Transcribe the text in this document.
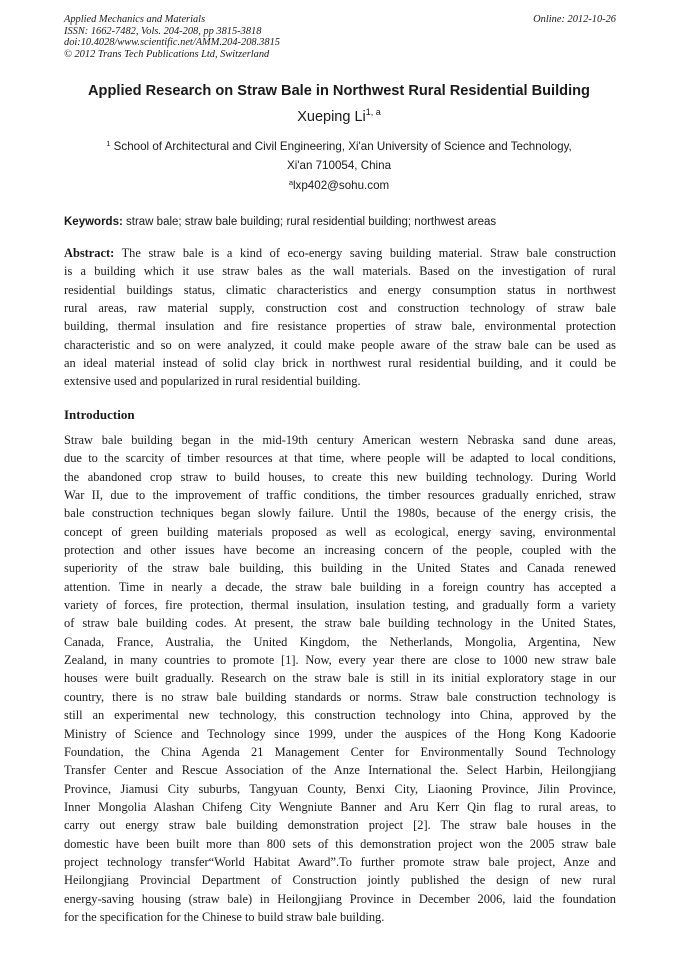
Applied Mechanics and Materials
ISSN: 1662-7482, Vols. 204-208, pp 3815-3818
doi:10.4028/www.scientific.net/AMM.204-208.3815
© 2012 Trans Tech Publications Ltd, Switzerland
Online: 2012-10-26
Applied Research on Straw Bale in Northwest Rural Residential Building
Xueping Li$^{1, a}$
$^1$ School of Architectural and Civil Engineering, Xi'an University of Science and Technology,
Xi'an 710054, China
$^a$lxp402@sohu.com
Keywords: straw bale; straw bale building; rural residential building; northwest areas
Abstract: The straw bale is a kind of eco-energy saving building material. Straw bale construction
is a building which it use straw bales as the wall materials. Based on the investigation of rural
residential buildings status, climatic characteristics and energy consumption status in northwest
rural areas, raw material supply, construction cost and construction technology of straw bale
building, thermal insulation and fire resistance properties of straw bale, environmental protection
characteristic and so on were analyzed, it could make people aware of the straw bale can be used as
an ideal material instead of solid clay brick in northwest rural residential building, and it could be
extensive used and popularized in rural residential building.
Introduction
Straw bale building began in the mid-19th century American western Nebraska sand dune areas,
due to the scarcity of timber resources at that time, where people will be adapted to local conditions,
the abandoned crop straw to build houses, to create this new building technology. During World
War II, due to the improvement of traffic conditions, the timber resources gradually enriched, straw
bale construction techniques began slowly failure. Until the 1980s, because of the energy crisis, the
concept of green building materials proposed as well as ecological, energy saving, environmental
protection and other issues have become an increasing concern of the people, coupled with the
superiority of the straw bale building, this building in the United States and Canada renewed
attention. Time in nearly a decade, the straw bale building in a foreign country has accepted a
variety of forces, fire protection, thermal insulation, insulation testing, and gradually form a variety
of straw bale building codes. At present, the straw bale building technology in the United States,
Canada, France, Australia, the United Kingdom, the Netherlands, Mongolia, Argentina, New
Zealand, in many countries to promote [1]. Now, every year there are close to 1000 new straw bale
houses were built gradually. Research on the straw bale is still in its initial exploratory stage in our
country, there is no straw bale building standards or norms. Straw bale construction technology is
still an experimental new technology, this construction technology into China, approved by the
Ministry of Science and Technology since 1999, under the auspices of the Hong Kong Kadoorie
Foundation, the China Agenda 21 Management Center for Environmentally Sound Technology
Transfer Center and Rescue Association of the Anze International the. Select Harbin, Heilongjiang
Province, Jiamusi City suburbs, Tangyuan County, Benxi City, Liaoning Province, Jilin Province,
Inner Mongolia Alashan Chifeng City Wengniute Banner and Aru Kerr Qin flag to rural areas, to
carry out energy straw bale building demonstration project [2]. The straw bale houses in the
domestic have been built more than 800 sets of this demonstration project won the 2005 straw bale
project technology transfer“World Habitat Award”.To further promote straw bale project, Anze and
Heilongjiang Provincial Department of Construction jointly published the design of new rural
energy-saving housing (straw bale) in Heilongjiang Province in December 2006, laid the foundation
for the specification for the Chinese to build straw bale building.
